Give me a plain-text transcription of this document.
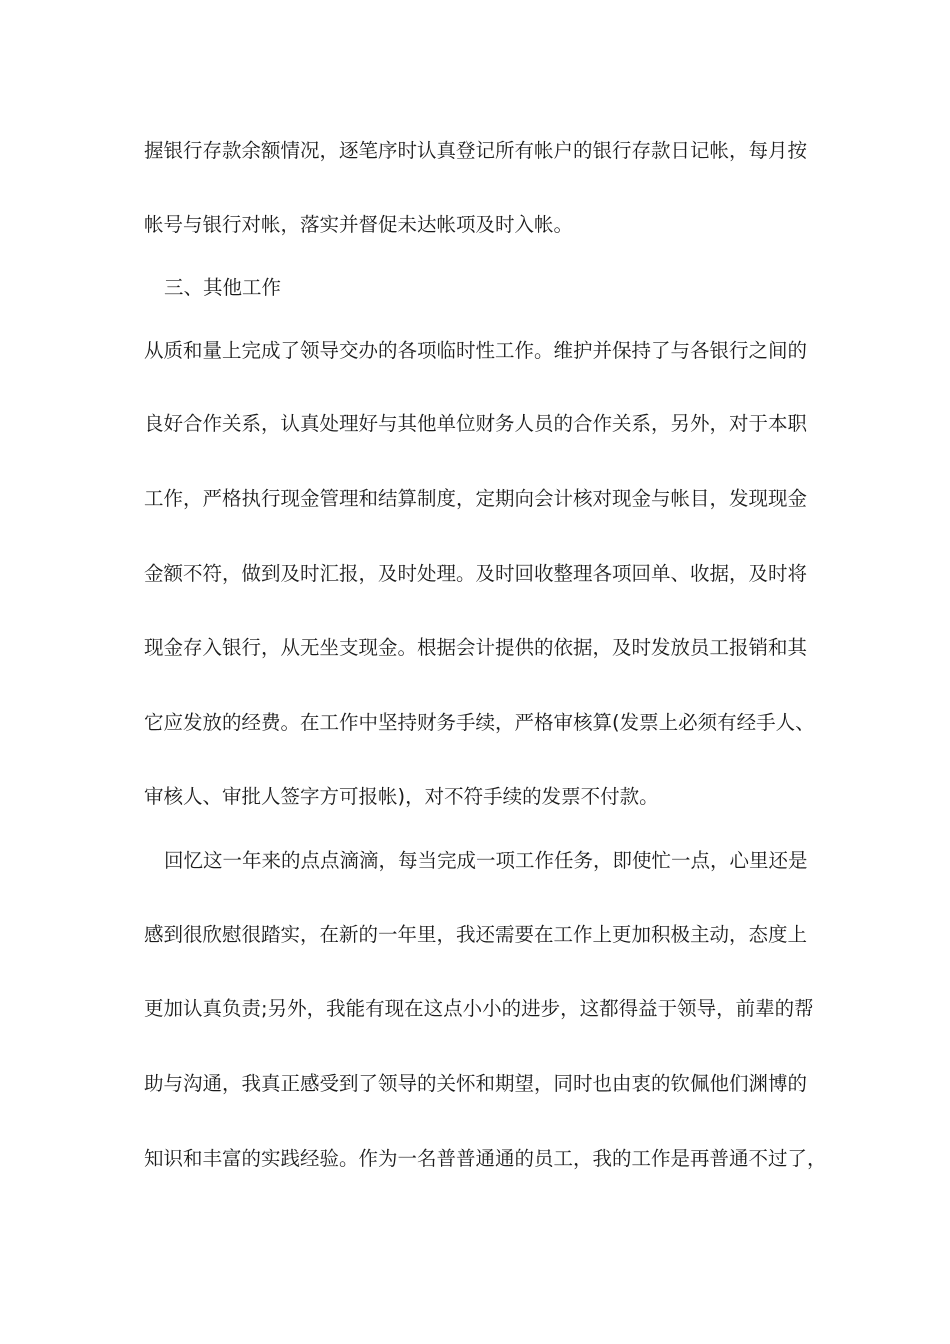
握银行存款余额情况，逐笔序时认真登记所有帐户的银行存款日记帐，每月按
帐号与银行对帐，落实并督促未达帐项及时入帐。
三、其他工作
从质和量上完成了领导交办的各项临时性工作。维护并保持了与各银行之间的
良好合作关系，认真处理好与其他单位财务人员的合作关系，另外，对于本职
工作，严格执行现金管理和结算制度，定期向会计核对现金与帐目，发现现金
金额不符，做到及时汇报，及时处理。及时回收整理各项回单、收据，及时将
现金存入银行，从无坐支现金。根据会计提供的依据，及时发放员工报销和其
它应发放的经费。在工作中坚持财务手续，严格审核算(发票上必须有经手人、
审核人、审批人签字方可报帐)，对不符手续的发票不付款。
回忆这一年来的点点滴滴，每当完成一项工作任务，即使忙一点，心里还是
感到很欣慰很踏实，在新的一年里，我还需要在工作上更加积极主动，态度上
更加认真负责;另外，我能有现在这点小小的进步，这都得益于领导，前辈的帮
助与沟通，我真正感受到了领导的关怀和期望，同时也由衷的钦佩他们渊博的
知识和丰富的实践经验。作为一名普普通通的员工，我的工作是再普通不过了，
